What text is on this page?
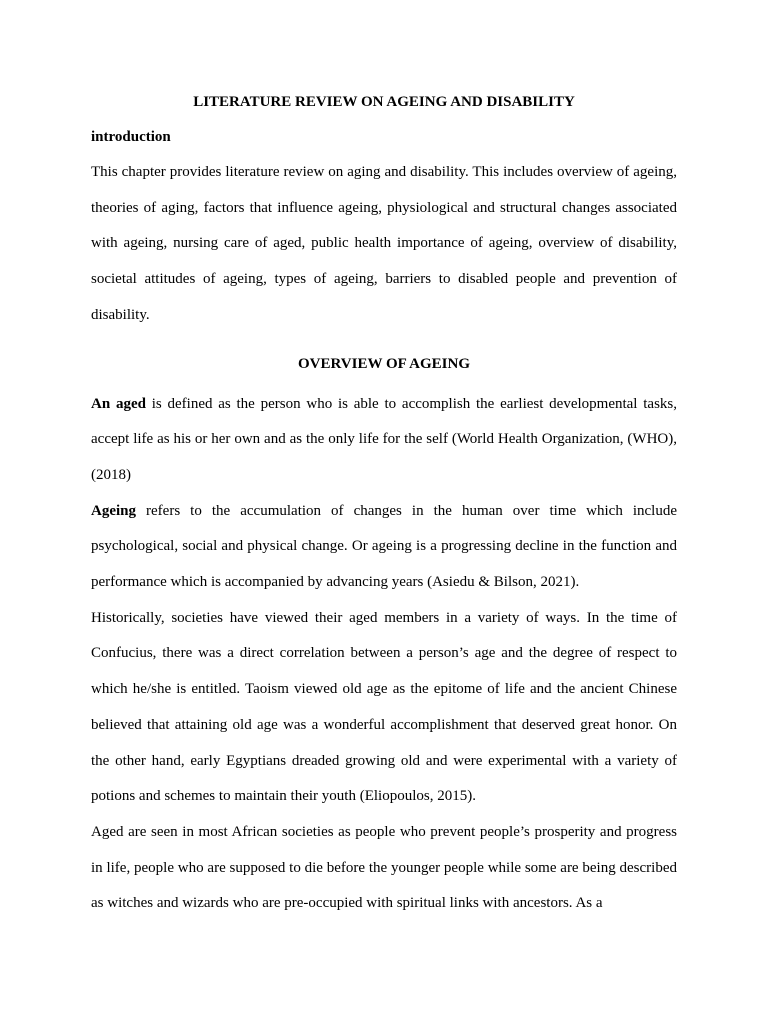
LITERATURE REVIEW ON AGEING AND DISABILITY

introduction

This chapter provides literature review on aging and disability. This includes overview of ageing, theories of aging, factors that influence ageing, physiological and structural changes associated with ageing, nursing care of aged, public health importance of ageing, overview of disability, societal attitudes of ageing, types of ageing, barriers to disabled people and prevention of disability.

OVERVIEW OF AGEING

An aged is defined as the person who is able to accomplish the earliest developmental tasks, accept life as his or her own and as the only life for the self (World Health Organization, (WHO), (2018)

Ageing refers to the accumulation of changes in the human over time which include psychological, social and physical change. Or ageing is a progressing decline in the function and performance which is accompanied by advancing years (Asiedu & Bilson, 2021).

Historically, societies have viewed their aged members in a variety of ways. In the time of Confucius, there was a direct correlation between a person’s age and the degree of respect to which he/she is entitled. Taoism viewed old age as the epitome of life and the ancient Chinese believed that attaining old age was a wonderful accomplishment that deserved great honor. On the other hand, early Egyptians dreaded growing old and were experimental with a variety of potions and schemes to maintain their youth (Eliopoulos, 2015).

Aged are seen in most African societies as people who prevent people’s prosperity and progress in life, people who are supposed to die before the younger people while some are being described as witches and wizards who are pre-occupied with spiritual links with ancestors. As a
